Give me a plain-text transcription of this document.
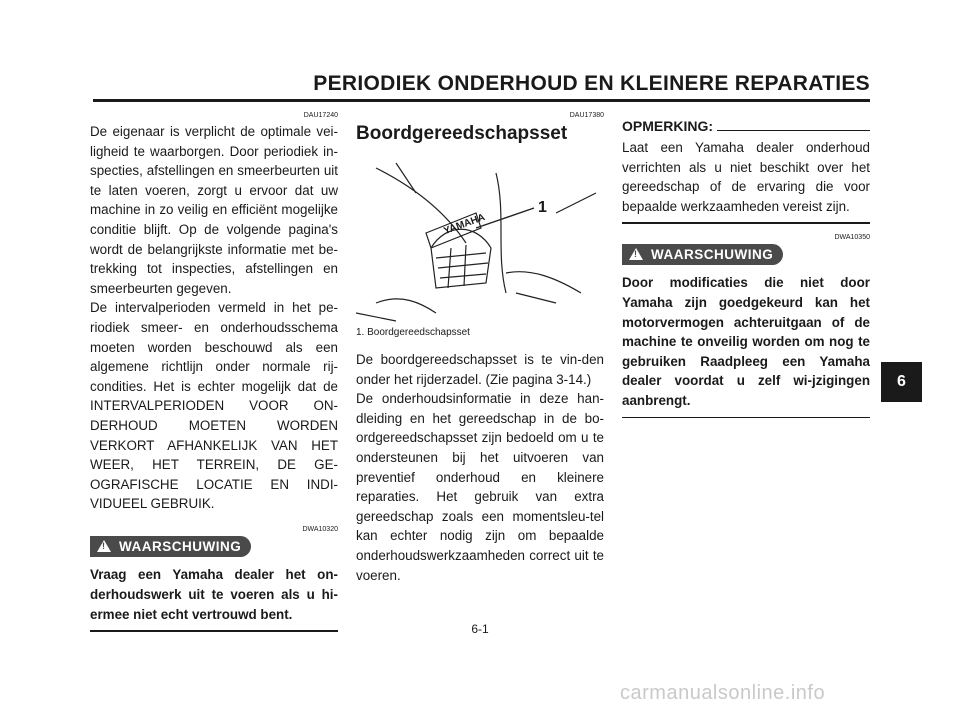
PERIODIEK ONDERHOUD EN KLEINERE REPARATIES
DAU17240

De eigenaar is verplicht de optimale vei-ligheid te waarborgen. Door periodiek in-specties, afstellingen en smeerbeurten uit te laten voeren, zorgt u ervoor dat uw machine in zo veilig en efficiënt mogelijke conditie blijft. Op de volgende pagina's wordt de belangrijkste informatie met be-trekking tot inspecties, afstellingen en smeerbeurten gegeven.

De intervalperioden vermeld in het pe-riodiek smeer- en onderhoudsschema moeten worden beschouwd als een algemene richtlijn onder normale rij-condities. Het is echter mogelijk dat de INTERVALPERIODEN VOOR ON-DERHOUD MOETEN WORDEN VERKORT AFHANKELIJK VAN HET WEER, HET TERREIN, DE GE-OGRAFISCHE LOCATIE EN INDI-VIDUEEL GEBRUIK.

DWA10320
! WAARSCHUWING

Vraag een Yamaha dealer het on-derhoudswerk uit te voeren als u hi-ermee niet echt vertrouwd bent.

DAU17380
Boordgereedschapsset
YAMAHA
1
1. Boordgereedschapsset

De boordgereedschapsset is te vin-den onder het rijderzadel. (Zie pagina 3-14.)

De onderhoudsinformatie in deze han-dleiding en het gereedschap in de bo-ordgereedschapsset zijn bedoeld om u te ondersteunen bij het uitvoeren van preventief onderhoud en kleinere reparaties. Het gebruik van extra gereedschap zoals een momentsleu-tel kan echter nodig zijn om bepaalde onderhoudswerkzaamheden correct uit te voeren.

OPMERKING:

Laat een Yamaha dealer onderhoud verrichten als u niet beschikt over het gereedschap of de ervaring die voor bepaalde werkzaamheden vereist zijn.

DWA10350
! WAARSCHUWING

Door modificaties die niet door Yamaha zijn goedgekeurd kan het motorvermogen achteruitgaan of de machine te onveilig worden om nog te gebruiken Raadpleeg een Yamaha dealer voordat u zelf wi-jzigingen aanbrengt.

6
6-1
carmanualsonline.info
